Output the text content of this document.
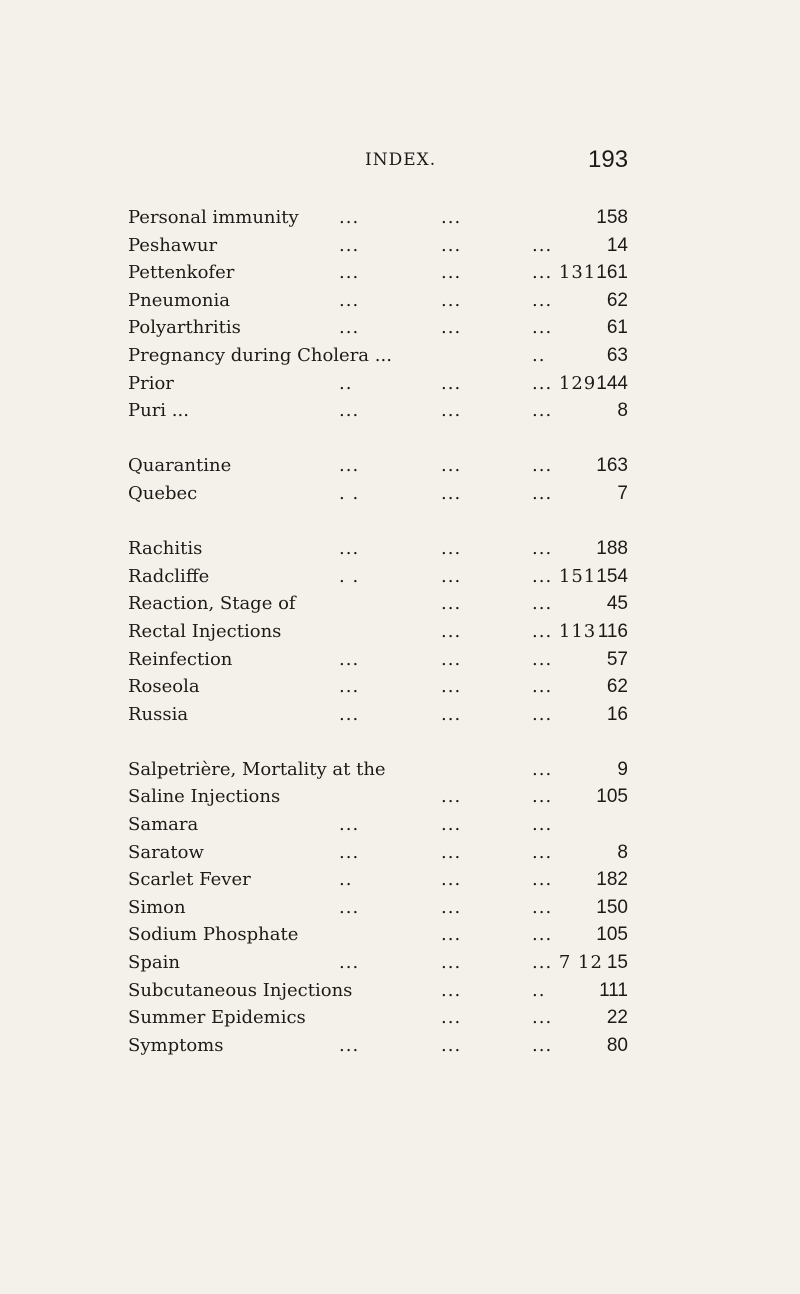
INDEX.	193
Personal immunity ...	...	158
Peshawur	...	...	...	14
Pettenkofer	...	...	... 131 161
Pneumonia	...	...	...	62
Polyarthritis	...	...	...	61
Pregnancy during Cholera ...	..	63
Prior	..	...	... 129 144
Puri ...	...	...	...	8
Quarantine	...	...	... 163
Quebec	. .	...	...	7
Rachitis	...	...	... 188
Radcliffe	. .	...	... 151 154
Reaction, Stage of	...	...	45
Rectal Injections	...	... 113 116
Reinfection	...	...	...	57
Roseola	...	...	...	62
Russia	...	...	...	16
Salpetrière, Mortality at the	...	9
Saline Injections	...	... 105
Samara	...	...	...
Saratow	...	...	...	8
Scarlet Fever	..	...	... 182
Simon	...	...	... 150
Sodium Phosphate	...	... 105
Spain	...	...	... 7 12 15
Subcutaneous Injections	...	..	111
Summer Epidemics	...	...	22
Symptoms	...	...	...	80
